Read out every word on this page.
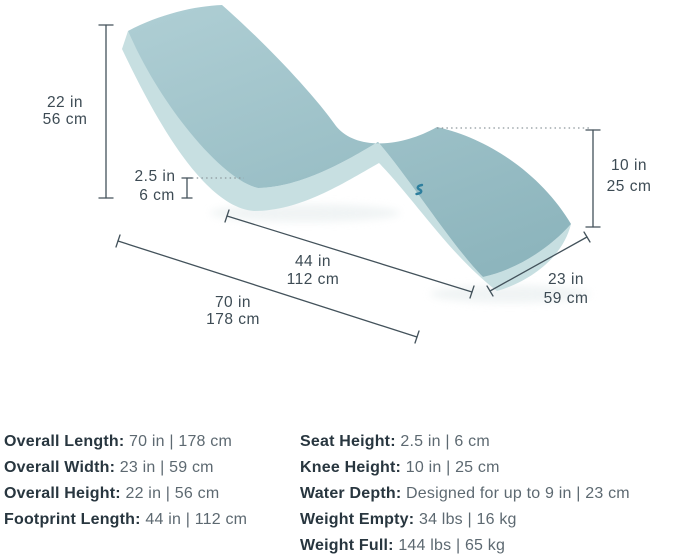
22 in
56 cm
2.5 in
6 cm
10 in
25 cm
44 in
112 cm
70 in
178 cm
23 in
59 cm
Overall Length: 70 in | 178 cm
Overall Width: 23 in | 59 cm
Overall Height: 22 in | 56 cm
Footprint Length: 44 in | 112 cm
Seat Height: 2.5 in | 6 cm
Knee Height: 10 in | 25 cm
Water Depth: Designed for up to 9 in | 23 cm
Weight Empty: 34 lbs | 16 kg
Weight Full: 144 lbs | 65 kg
